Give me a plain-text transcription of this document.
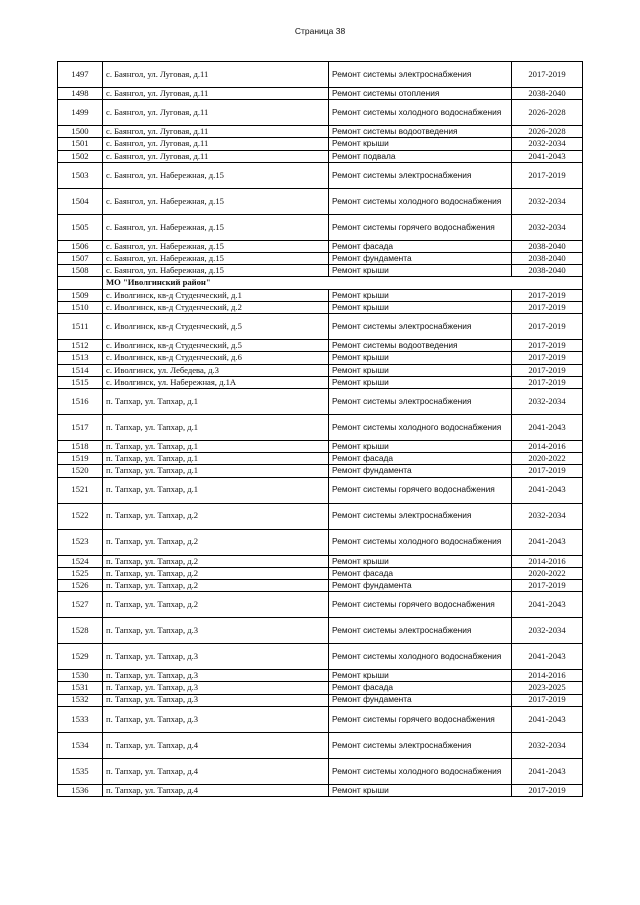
Страница 38
1497	с. Баянгол, ул. Луговая, д.11	Ремонт системы электроснабжения	2017-2019
1498	с. Баянгол, ул. Луговая, д.11	Ремонт системы отопления	2038-2040
1499	с. Баянгол, ул. Луговая, д.11	Ремонт системы холодного водоснабжения	2026-2028
1500	с. Баянгол, ул. Луговая, д.11	Ремонт системы водоотведения	2026-2028
1501	с. Баянгол, ул. Луговая, д.11	Ремонт крыши	2032-2034
1502	с. Баянгол, ул. Луговая, д.11	Ремонт подвала	2041-2043
1503	с. Баянгол, ул. Набережная, д.15	Ремонт системы электроснабжения	2017-2019
1504	с. Баянгол, ул. Набережная, д.15	Ремонт системы холодного водоснабжения	2032-2034
1505	с. Баянгол, ул. Набережная, д.15	Ремонт системы горячего водоснабжения	2032-2034
1506	с. Баянгол, ул. Набережная, д.15	Ремонт фасада	2038-2040
1507	с. Баянгол, ул. Набережная, д.15	Ремонт фундамента	2038-2040
1508	с. Баянгол, ул. Набережная, д.15	Ремонт крыши	2038-2040
	МО "Иволгинский район"		
1509	с. Иволгинск, кв-д Студенческий, д.1	Ремонт крыши	2017-2019
1510	с. Иволгинск, кв-д Студенческий, д.2	Ремонт крыши	2017-2019
1511	с. Иволгинск, кв-д Студенческий, д.5	Ремонт системы электроснабжения	2017-2019
1512	с. Иволгинск, кв-д Студенческий, д.5	Ремонт системы водоотведения	2017-2019
1513	с. Иволгинск, кв-д Студенческий, д.6	Ремонт крыши	2017-2019
1514	с. Иволгинск, ул. Лебедева, д.3	Ремонт крыши	2017-2019
1515	с. Иволгинск, ул. Набережная, д.1А	Ремонт крыши	2017-2019
1516	п. Тапхар, ул. Тапхар, д.1	Ремонт системы электроснабжения	2032-2034
1517	п. Тапхар, ул. Тапхар, д.1	Ремонт системы холодного водоснабжения	2041-2043
1518	п. Тапхар, ул. Тапхар, д.1	Ремонт крыши	2014-2016
1519	п. Тапхар, ул. Тапхар, д.1	Ремонт фасада	2020-2022
1520	п. Тапхар, ул. Тапхар, д.1	Ремонт фундамента	2017-2019
1521	п. Тапхар, ул. Тапхар, д.1	Ремонт системы горячего водоснабжения	2041-2043
1522	п. Тапхар, ул. Тапхар, д.2	Ремонт системы электроснабжения	2032-2034
1523	п. Тапхар, ул. Тапхар, д.2	Ремонт системы холодного водоснабжения	2041-2043
1524	п. Тапхар, ул. Тапхар, д.2	Ремонт крыши	2014-2016
1525	п. Тапхар, ул. Тапхар, д.2	Ремонт фасада	2020-2022
1526	п. Тапхар, ул. Тапхар, д.2	Ремонт фундамента	2017-2019
1527	п. Тапхар, ул. Тапхар, д.2	Ремонт системы горячего водоснабжения	2041-2043
1528	п. Тапхар, ул. Тапхар, д.3	Ремонт системы электроснабжения	2032-2034
1529	п. Тапхар, ул. Тапхар, д.3	Ремонт системы холодного водоснабжения	2041-2043
1530	п. Тапхар, ул. Тапхар, д.3	Ремонт крыши	2014-2016
1531	п. Тапхар, ул. Тапхар, д.3	Ремонт фасада	2023-2025
1532	п. Тапхар, ул. Тапхар, д.3	Ремонт фундамента	2017-2019
1533	п. Тапхар, ул. Тапхар, д.3	Ремонт системы горячего водоснабжения	2041-2043
1534	п. Тапхар, ул. Тапхар, д.4	Ремонт системы электроснабжения	2032-2034
1535	п. Тапхар, ул. Тапхар, д.4	Ремонт системы холодного водоснабжения	2041-2043
1536	п. Тапхар, ул. Тапхар, д.4	Ремонт крыши	2017-2019
